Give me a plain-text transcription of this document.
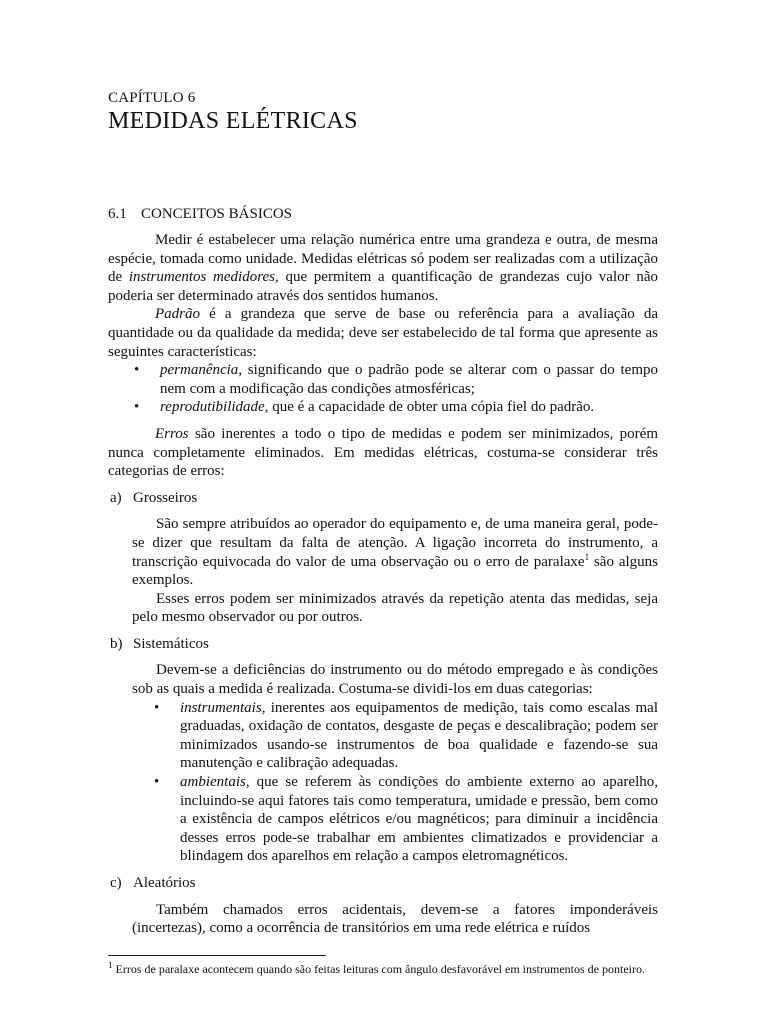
CAPÍTULO 6
MEDIDAS ELÉTRICAS
6.1 CONCEITOS BÁSICOS

Medir é estabelecer uma relação numérica entre uma grandeza e outra, de mesma espécie, tomada como unidade. Medidas elétricas só podem ser realizadas com a utilização de instrumentos medidores, que permitem a quantificação de grandezas cujo valor não poderia ser determinado através dos sentidos humanos.

Padrão é a grandeza que serve de base ou referência para a avaliação da quantidade ou da qualidade da medida; deve ser estabelecido de tal forma que apresente as seguintes características:

• permanência, significando que o padrão pode se alterar com o passar do tempo nem com a modificação das condições atmosféricas;
• reprodutibilidade, que é a capacidade de obter uma cópia fiel do padrão.

Erros são inerentes a todo o tipo de medidas e podem ser minimizados, porém nunca completamente eliminados. Em medidas elétricas, costuma-se considerar três categorias de erros:

a) Grosseiros

São sempre atribuídos ao operador do equipamento e, de uma maneira geral, pode-se dizer que resultam da falta de atenção. A ligação incorreta do instrumento, a transcrição equivocada do valor de uma observação ou o erro de paralaxe$^1$ são alguns exemplos.

Esses erros podem ser minimizados através da repetição atenta das medidas, seja pelo mesmo observador ou por outros.

b) Sistemáticos

Devem-se a deficiências do instrumento ou do método empregado e às condições sob as quais a medida é realizada. Costuma-se dividi-los em duas categorias:

• instrumentais, inerentes aos equipamentos de medição, tais como escalas mal graduadas, oxidação de contatos, desgaste de peças e descalibração; podem ser minimizados usando-se instrumentos de boa qualidade e fazendo-se sua manutenção e calibração adequadas.
• ambientais, que se referem às condições do ambiente externo ao aparelho, incluindo-se aqui fatores tais como temperatura, umidade e pressão, bem como a existência de campos elétricos e/ou magnéticos; para diminuir a incidência desses erros pode-se trabalhar em ambientes climatizados e providenciar a blindagem dos aparelhos em relação a campos eletromagnéticos.
c) Aleatórios

Também chamados erros acidentais, devem-se a fatores imponderáveis (incertezas), como a ocorrência de transitórios em uma rede elétrica e ruídos

$^1$ Erros de paralaxe acontecem quando são feitas leituras com ângulo desfavorável em instrumentos de ponteiro.
